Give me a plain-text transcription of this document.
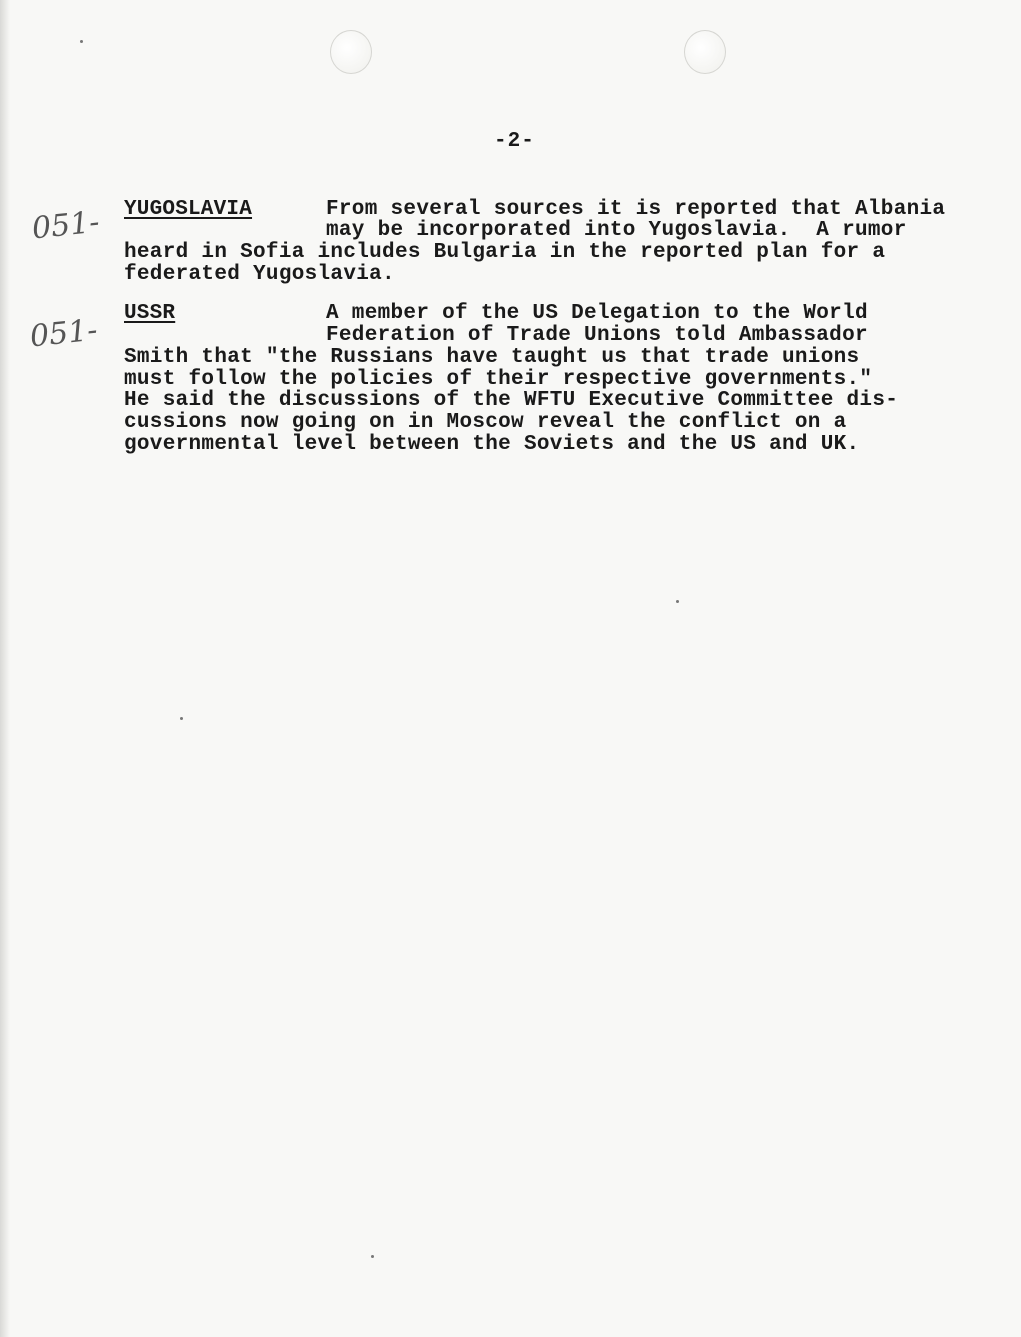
-2-
051- YUGOSLAVIA	From several sources it is reported that Albania
may be incorporated into Yugoslavia.  A rumor
heard in Sofia includes Bulgaria in the reported plan for a
federated Yugoslavia.
051- USSR	A member of the US Delegation to the World
Federation of Trade Unions told Ambassador
Smith that "the Russians have taught us that trade unions
must follow the policies of their respective governments."
He said the discussions of the WFTU Executive Committee dis-
cussions now going on in Moscow reveal the conflict on a
governmental level between the Soviets and the US and UK.
